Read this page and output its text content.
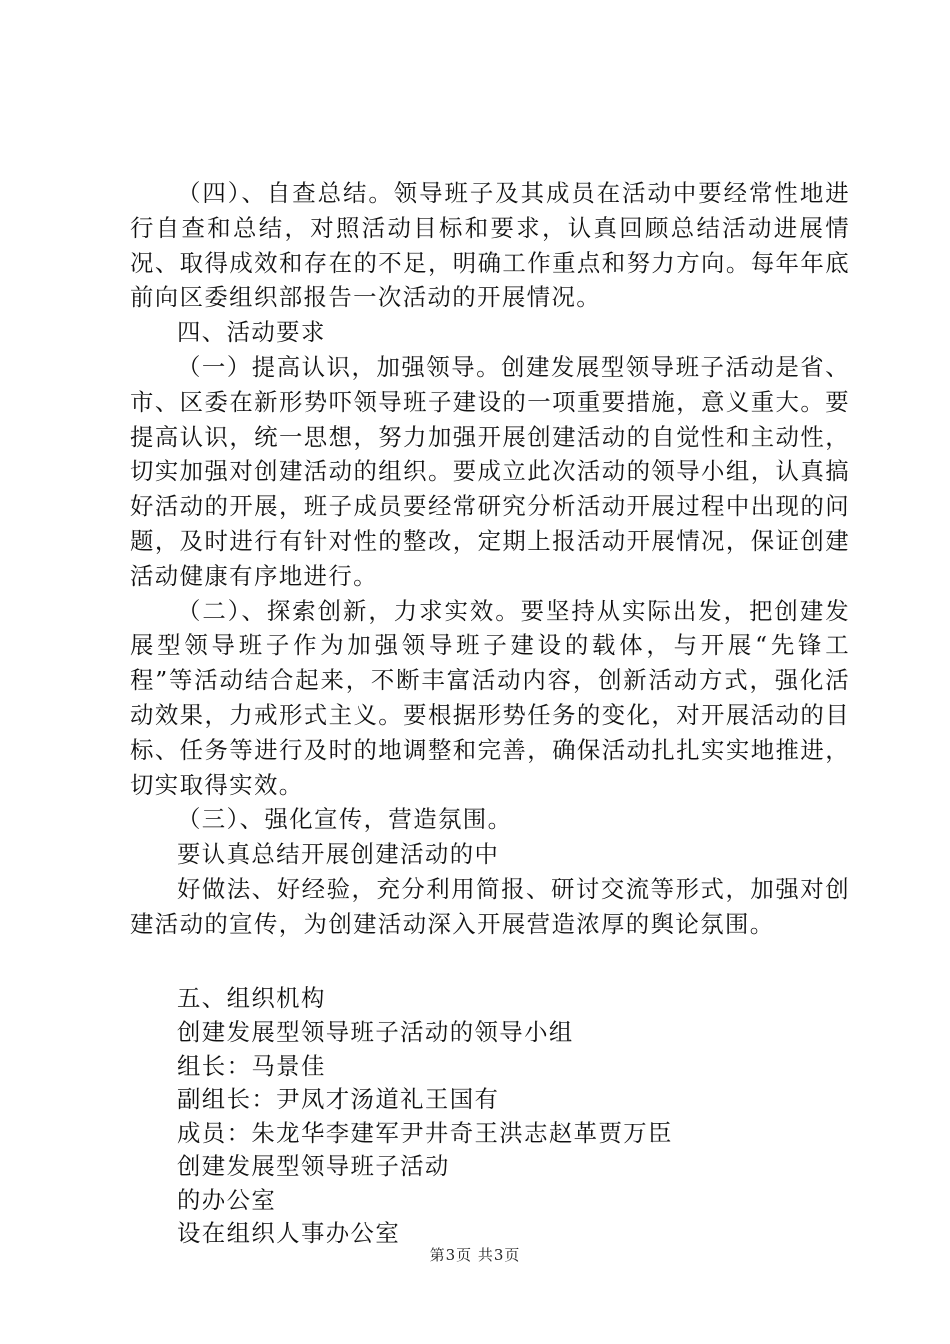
（四）、自查总结。领导班子及其成员在活动中要经常性地进行自查和总结，对照活动目标和要求，认真回顾总结活动进展情况、取得成效和存在的不足，明确工作重点和努力方向。每年年底前向区委组织部报告一次活动的开展情况。

四、活动要求

（一）提高认识，加强领导。创建发展型领导班子活动是省、市、区委在新形势吓领导班子建设的一项重要措施，意义重大。要提高认识，统一思想，努力加强开展创建活动的自觉性和主动性，切实加强对创建活动的组织。要成立此次活动的领导小组，认真搞好活动的开展，班子成员要经常研究分析活动开展过程中出现的问题，及时进行有针对性的整改，定期上报活动开展情况，保证创建活动健康有序地进行。

（二）、探索创新，力求实效。要坚持从实际出发，把创建发展型领导班子作为加强领导班子建设的载体，与开展“先锋工程”等活动结合起来，不断丰富活动内容，创新活动方式，强化活动效果，力戒形式主义。要根据形势任务的变化，对开展活动的目标、任务等进行及时的地调整和完善，确保活动扎扎实实地推进，切实取得实效。

（三）、强化宣传，营造氛围。

要认真总结开展创建活动的中

好做法、好经验，充分利用简报、研讨交流等形式，加强对创建活动的宣传，为创建活动深入开展营造浓厚的舆论氛围。

五、组织机构
创建发展型领导班子活动的领导小组
组长：马景佳
副组长：尹凤才汤道礼王国有
成员：朱龙华李建军尹井奇王洪志赵革贾万臣
创建发展型领导班子活动
的办公室
设在组织人事办公室
第3页 共3页
